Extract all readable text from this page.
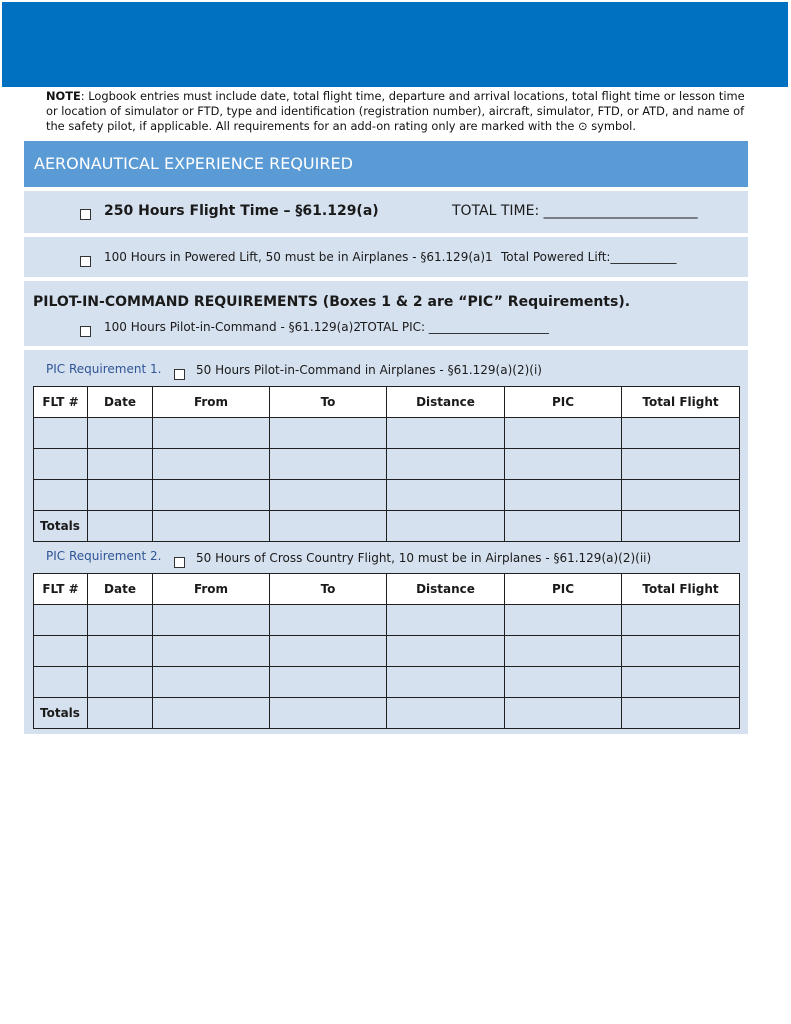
NOTE: Logbook entries must include date, total flight time, departure and arrival locations, total flight time or lesson time or location of simulator or FTD, type and identification (registration number), aircraft, simulator, FTD, or ATD, and name of the safety pilot, if applicable. All requirements for an add-on rating only are marked with the ⊙ symbol.
AERONAUTICAL EXPERIENCE REQUIRED
250 Hours Flight Time – §61.129(a)	TOTAL TIME: ______________________
100 Hours in Powered Lift, 50 must be in Airplanes - §61.129(a)1 Total Powered Lift:___________
PILOT-IN-COMMAND REQUIREMENTS (Boxes 1 & 2 are “PIC” Requirements).
100 Hours Pilot-in-Command - §61.129(a)2 TOTAL PIC: ____________________
PIC Requirement 1.	50 Hours Pilot-in-Command in Airplanes - §61.129(a)(2)(i)
FLT #	Date	From	To	Distance	PIC	Total Flight

Totals						
PIC Requirement 2.	50 Hours of Cross Country Flight, 10 must be in Airplanes - §61.129(a)(2)(ii)
FLT #	Date	From	To	Distance	PIC	Total Flight

Totals						
